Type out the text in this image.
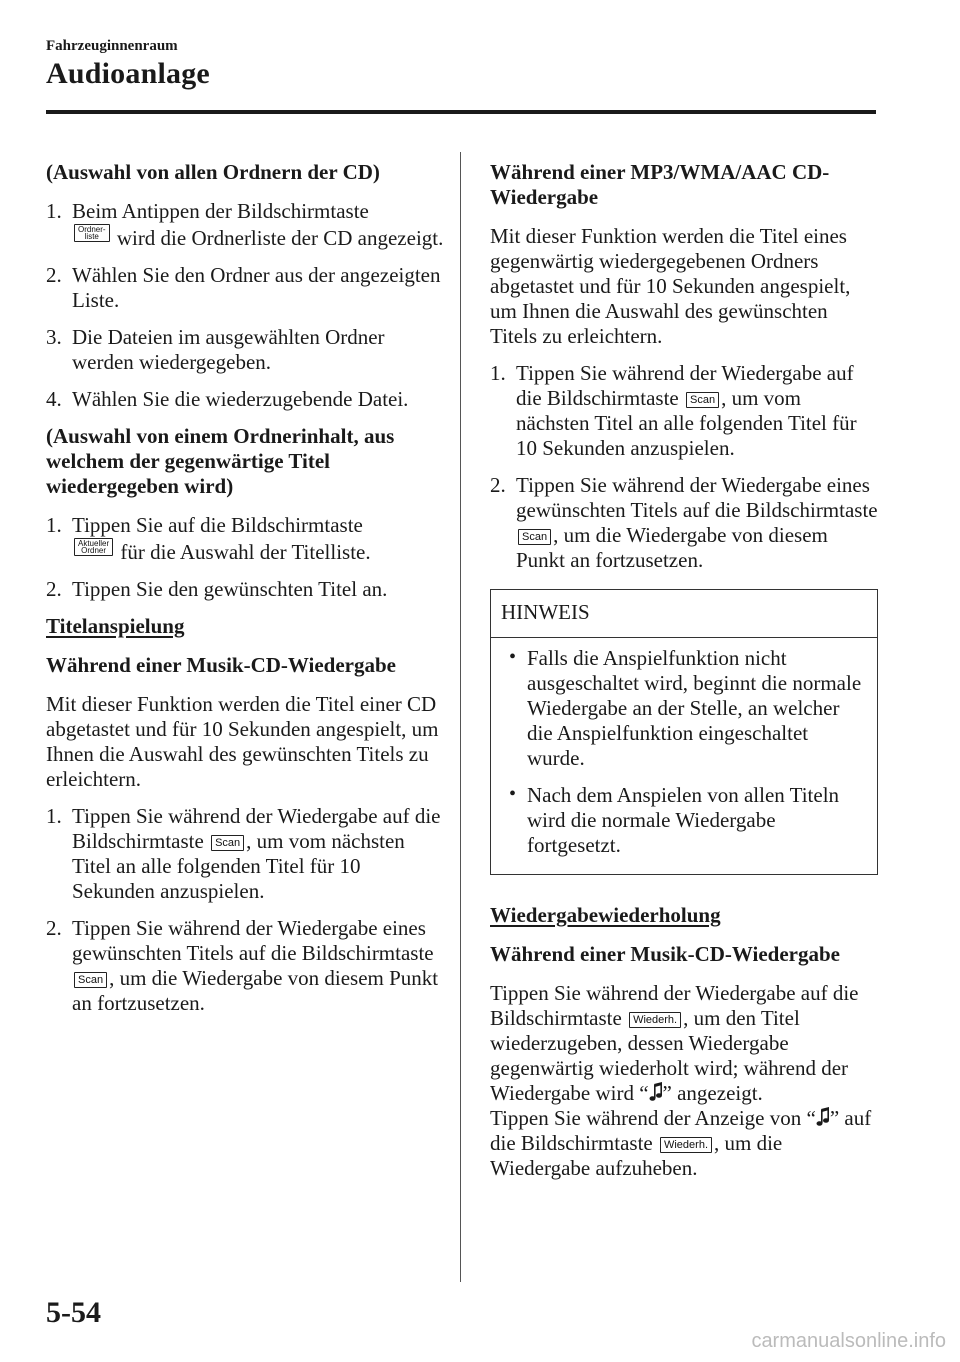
Fahrzeuginnenraum
Audioanlage
(Auswahl von allen Ordnern der CD)
1. Beim Antippen der Bildschirmtaste

Ordner-
liste wird die Ordnerliste der CD angezeigt.
2. Wählen Sie den Ordner aus der angezeigten Liste.
3. Die Dateien im ausgewählten Ordner werden wiedergegeben.
4. Wählen Sie die wiederzugebende Datei.
(Auswahl von einem Ordnerinhalt, aus welchem der gegenwärtige Titel wiedergegeben wird)
1. Tippen Sie auf die Bildschirmtaste

Aktueller
Ordner für die Auswahl der Titelliste.
2. Tippen Sie den gewünschten Titel an.
Titelanspielung
Während einer Musik-CD-Wiedergabe
Mit dieser Funktion werden die Titel einer CD abgetastet und für 10 Sekunden angespielt, um Ihnen die Auswahl des gewünschten Titels zu erleichtern.
1. Tippen Sie während der Wiedergabe auf die Bildschirmtaste Scan , um vom nächsten Titel an alle folgenden Titel für 10 Sekunden anzuspielen.
2. Tippen Sie während der Wiedergabe eines gewünschten Titels auf die Bildschirmtaste Scan , um die Wiedergabe von diesem Punkt an fortzusetzen.
Während einer MP3/WMA/AAC CD-Wiedergabe
Mit dieser Funktion werden die Titel eines gegenwärtig wiedergegebenen Ordners abgetastet und für 10 Sekunden angespielt, um Ihnen die Auswahl des gewünschten Titels zu erleichtern.
1. Tippen Sie während der Wiedergabe auf die Bildschirmtaste Scan , um vom nächsten Titel an alle folgenden Titel für 10 Sekunden anzuspielen.
2. Tippen Sie während der Wiedergabe eines gewünschten Titels auf die Bildschirmtaste Scan , um die Wiedergabe von diesem Punkt an fortzusetzen.
HINWEIS
• Falls die Anspielfunktion nicht ausgeschaltet wird, beginnt die normale Wiedergabe an der Stelle, an welcher die Anspielfunktion eingeschaltet wurde.
• Nach dem Anspielen von allen Titeln wird die normale Wiedergabe fortgesetzt.
Wiedergabewiederholung
Während einer Musik-CD-Wiedergabe
Tippen Sie während der Wiedergabe auf die Bildschirmtaste Wiederh. , um den Titel wiederzugeben, dessen Wiedergabe gegenwärtig wiederholt wird; während der Wiedergabe wird “ ” angezeigt.
Tippen Sie während der Anzeige von “ ” auf die Bildschirmtaste Wiederh. , um die Wiedergabe aufzuheben.
5-54
carmanualsonline.info
